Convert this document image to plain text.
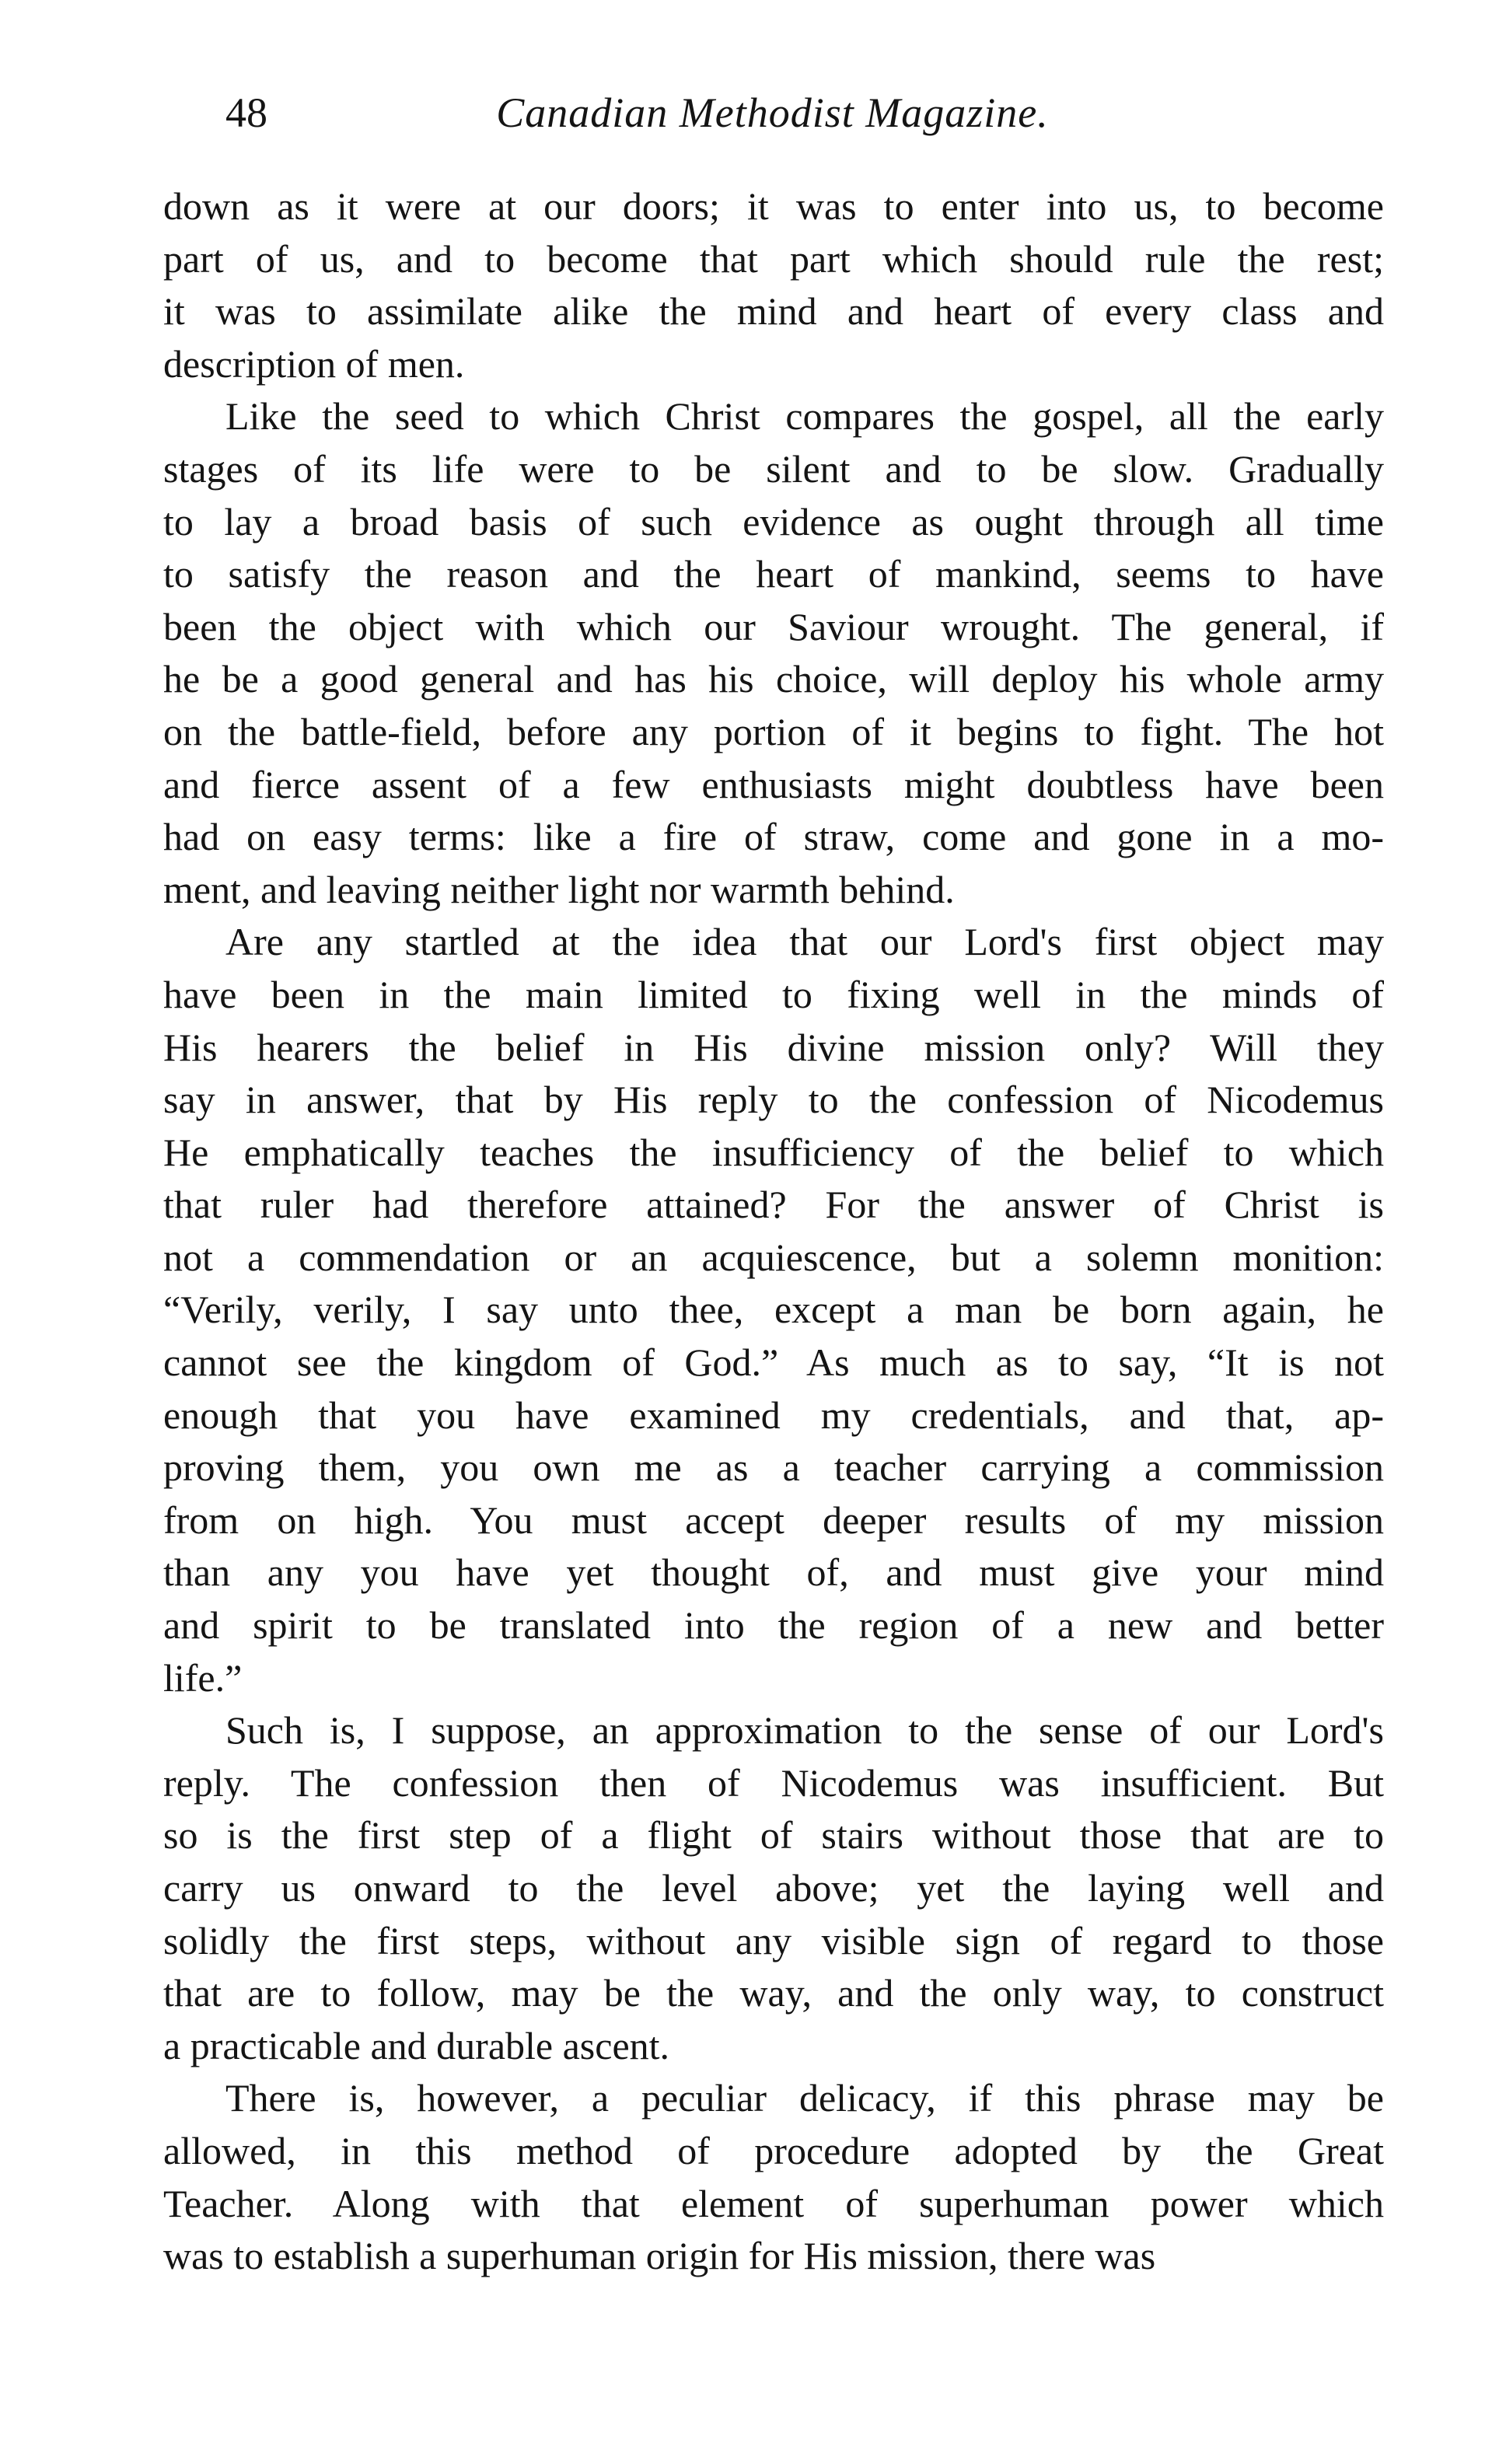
48	Canadian Methodist Magazine.
down as it were at our doors; it was to enter into us, to become
part of us, and to become that part which should rule the rest;
it was to assimilate alike the mind and heart of every class and
description of men.
Like the seed to which Christ compares the gospel, all the early
stages of its life were to be silent and to be slow. Gradually
to lay a broad basis of such evidence as ought through all time
to satisfy the reason and the heart of mankind, seems to have
been the object with which our Saviour wrought. The general, if
he be a good general and has his choice, will deploy his whole army
on the battle-field, before any portion of it begins to fight. The hot
and fierce assent of a few enthusiasts might doubtless have been
had on easy terms: like a fire of straw, come and gone in a mo-
ment, and leaving neither light nor warmth behind.
Are any startled at the idea that our Lord's first object may
have been in the main limited to fixing well in the minds of
His hearers the belief in His divine mission only? Will they
say in answer, that by His reply to the confession of Nicodemus
He emphatically teaches the insufficiency of the belief to which
that ruler had therefore attained? For the answer of Christ is
not a commendation or an acquiescence, but a solemn monition:
“Verily, verily, I say unto thee, except a man be born again, he
cannot see the kingdom of God.” As much as to say, “It is not
enough that you have examined my credentials, and that, ap-
proving them, you own me as a teacher carrying a commission
from on high. You must accept deeper results of my mission
than any you have yet thought of, and must give your mind
and spirit to be translated into the region of a new and better
life.”
Such is, I suppose, an approximation to the sense of our Lord's
reply. The confession then of Nicodemus was insufficient. But
so is the first step of a flight of stairs without those that are to
carry us onward to the level above; yet the laying well and
solidly the first steps, without any visible sign of regard to those
that are to follow, may be the way, and the only way, to construct
a practicable and durable ascent.
There is, however, a peculiar delicacy, if this phrase may be
allowed, in this method of procedure adopted by the Great
Teacher. Along with that element of superhuman power which
was to establish a superhuman origin for His mission, there was
